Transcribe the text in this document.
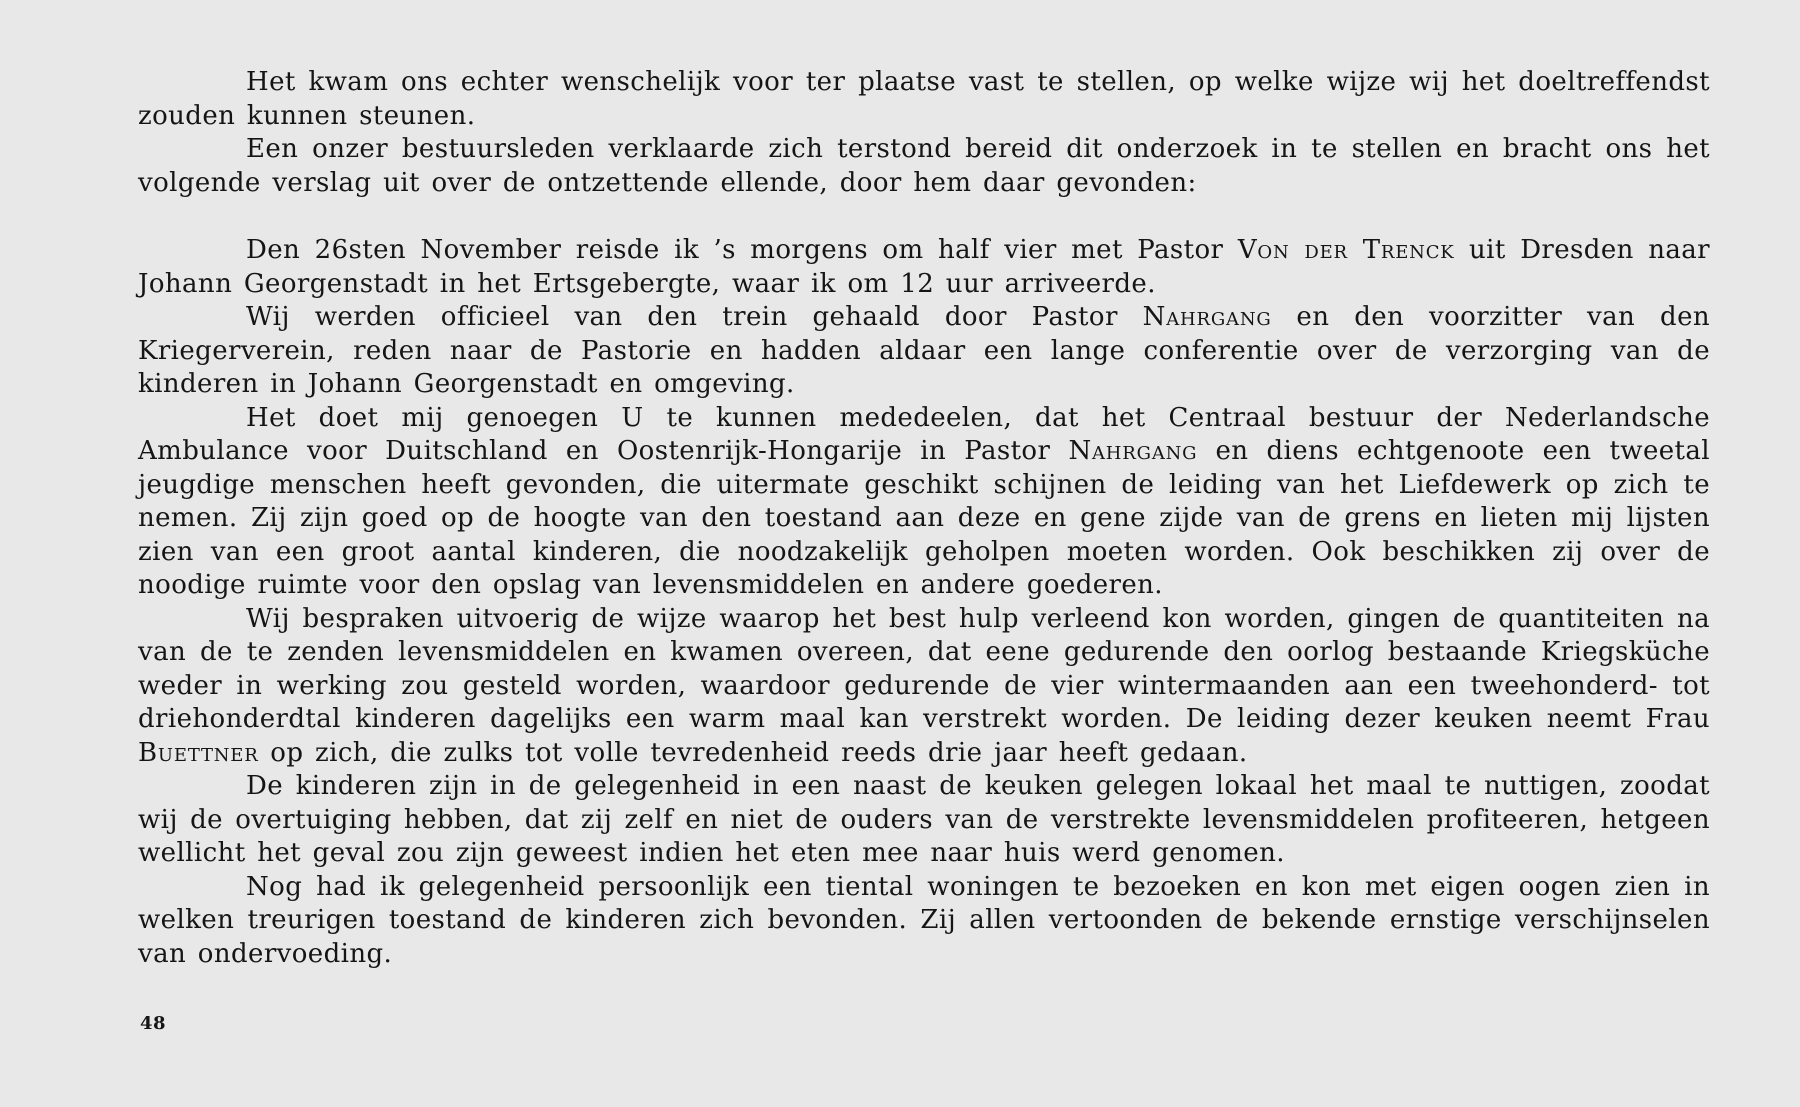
Het kwam ons echter wenschelijk voor ter plaatse vast te stellen, op welke wijze wij het doeltreffendst zouden kunnen steunen.

Een onzer bestuursleden verklaarde zich terstond bereid dit onderzoek in te stellen en bracht ons het volgende verslag uit over de ontzettende ellende, door hem daar gevonden:

Den 26sten November reisde ik ’s morgens om half vier met Pastor Von der Trenck uit Dresden naar Johann Georgenstadt in het Ertsgebergte, waar ik om 12 uur arriveerde.

Wij werden officieel van den trein gehaald door Pastor Nahrgang en den voorzitter van den Kriegerverein, reden naar de Pastorie en hadden aldaar een lange conferentie over de verzorging van de kinderen in Johann Georgenstadt en omgeving.

Het doet mij genoegen U te kunnen mededeelen, dat het Centraal bestuur der Nederlandsche Ambulance voor Duitschland en Oostenrijk-Hongarije in Pastor Nahrgang en diens echtgenoote een tweetal jeugdige menschen heeft gevonden, die uitermate geschikt schijnen de leiding van het Liefdewerk op zich te nemen. Zij zijn goed op de hoogte van den toestand aan deze en gene zijde van de grens en lieten mij lijsten zien van een groot aantal kinderen, die noodzakelijk geholpen moeten worden. Ook beschikken zij over de noodige ruimte voor den opslag van levensmiddelen en andere goederen.

Wij bespraken uitvoerig de wijze waarop het best hulp verleend kon worden, gingen de quantiteiten na van de te zenden levensmiddelen en kwamen overeen, dat eene gedurende den oorlog bestaande Kriegsküche weder in werking zou gesteld worden, waardoor gedurende de vier wintermaanden aan een tweehonderd- tot driehonderdtal kinderen dagelijks een warm maal kan verstrekt worden. De leiding dezer keuken neemt Frau Buettner op zich, die zulks tot volle tevredenheid reeds drie jaar heeft gedaan.

De kinderen zijn in de gelegenheid in een naast de keuken gelegen lokaal het maal te nuttigen, zoodat wij de overtuiging hebben, dat zij zelf en niet de ouders van de verstrekte levensmiddelen profiteeren, hetgeen wellicht het geval zou zijn geweest indien het eten mee naar huis werd genomen.

Nog had ik gelegenheid persoonlijk een tiental woningen te bezoeken en kon met eigen oogen zien in welken treurigen toestand de kinderen zich bevonden. Zij allen vertoonden de bekende ernstige verschijnselen van ondervoeding.

48
